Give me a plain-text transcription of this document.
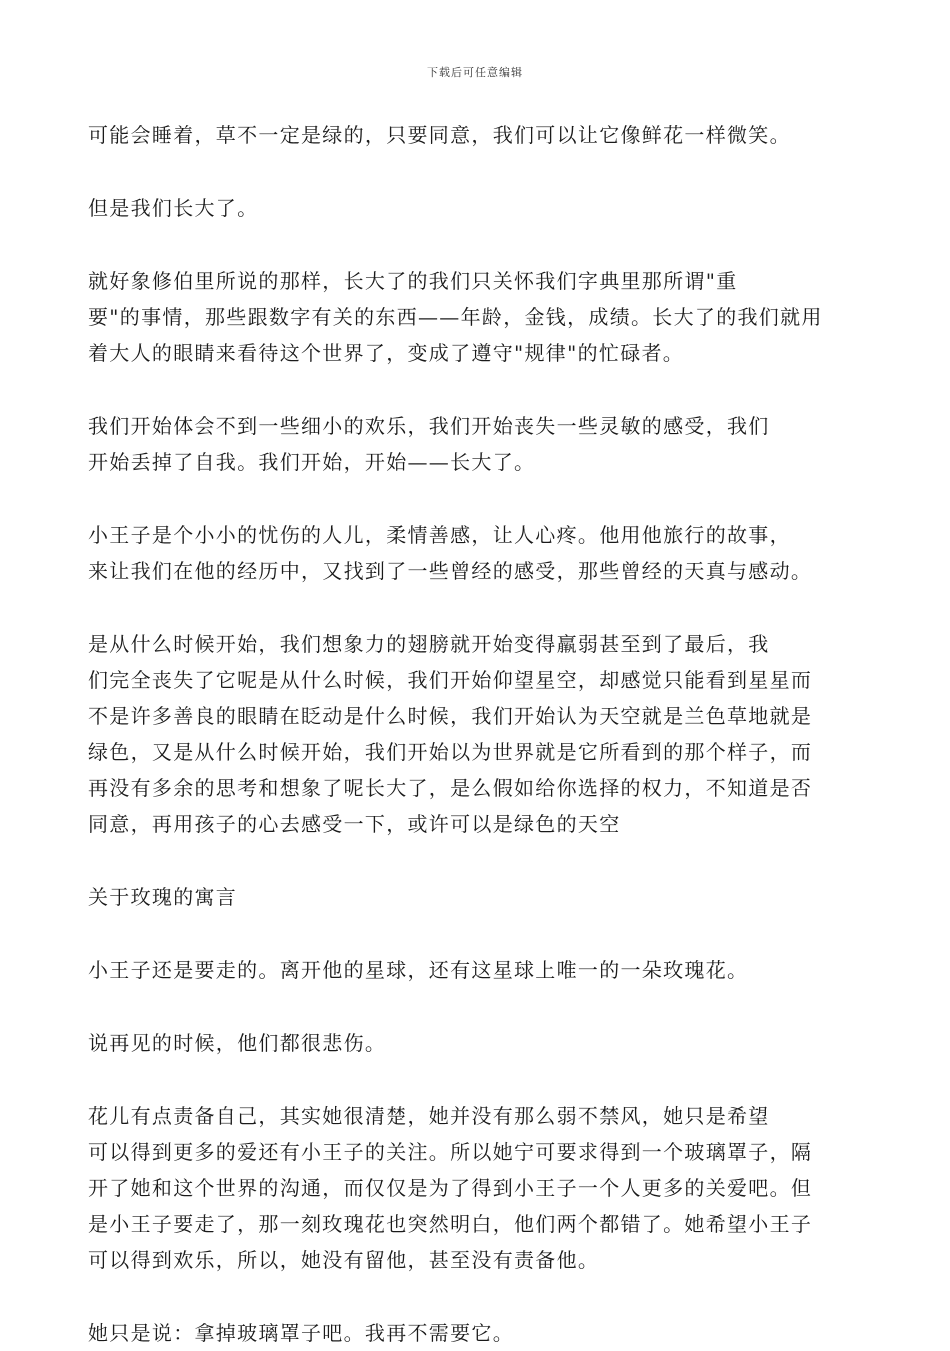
下载后可任意编辑

可能会睡着，草不一定是绿的，只要同意，我们可以让它像鲜花一样微笑。

但是我们长大了。

就好象修伯里所说的那样，长大了的我们只关怀我们字典里那所谓"重
要"的事情，那些跟数字有关的东西——年龄，金钱，成绩。长大了的我们就用
着大人的眼睛来看待这个世界了，变成了遵守"规律"的忙碌者。

我们开始体会不到一些细小的欢乐，我们开始丧失一些灵敏的感受，我们
开始丢掉了自我。我们开始，开始——长大了。

小王子是个小小的忧伤的人儿，柔情善感，让人心疼。他用他旅行的故事，
来让我们在他的经历中，又找到了一些曾经的感受，那些曾经的天真与感动。

是从什么时候开始，我们想象力的翅膀就开始变得羸弱甚至到了最后，我
们完全丧失了它呢是从什么时候，我们开始仰望星空，却感觉只能看到星星而
不是许多善良的眼睛在眨动是什么时候，我们开始认为天空就是兰色草地就是
绿色，又是从什么时候开始，我们开始以为世界就是它所看到的那个样子，而
再没有多余的思考和想象了呢长大了，是么假如给你选择的权力，不知道是否
同意，再用孩子的心去感受一下，或许可以是绿色的天空

关于玫瑰的寓言

小王子还是要走的。离开他的星球，还有这星球上唯一的一朵玫瑰花。

说再见的时候，他们都很悲伤。

花儿有点责备自己，其实她很清楚，她并没有那么弱不禁风，她只是希望
可以得到更多的爱还有小王子的关注。所以她宁可要求得到一个玻璃罩子，隔
开了她和这个世界的沟通，而仅仅是为了得到小王子一个人更多的关爱吧。但
是小王子要走了，那一刻玫瑰花也突然明白，他们两个都错了。她希望小王子
可以得到欢乐，所以，她没有留他，甚至没有责备他。

她只是说：拿掉玻璃罩子吧。我再不需要它。
